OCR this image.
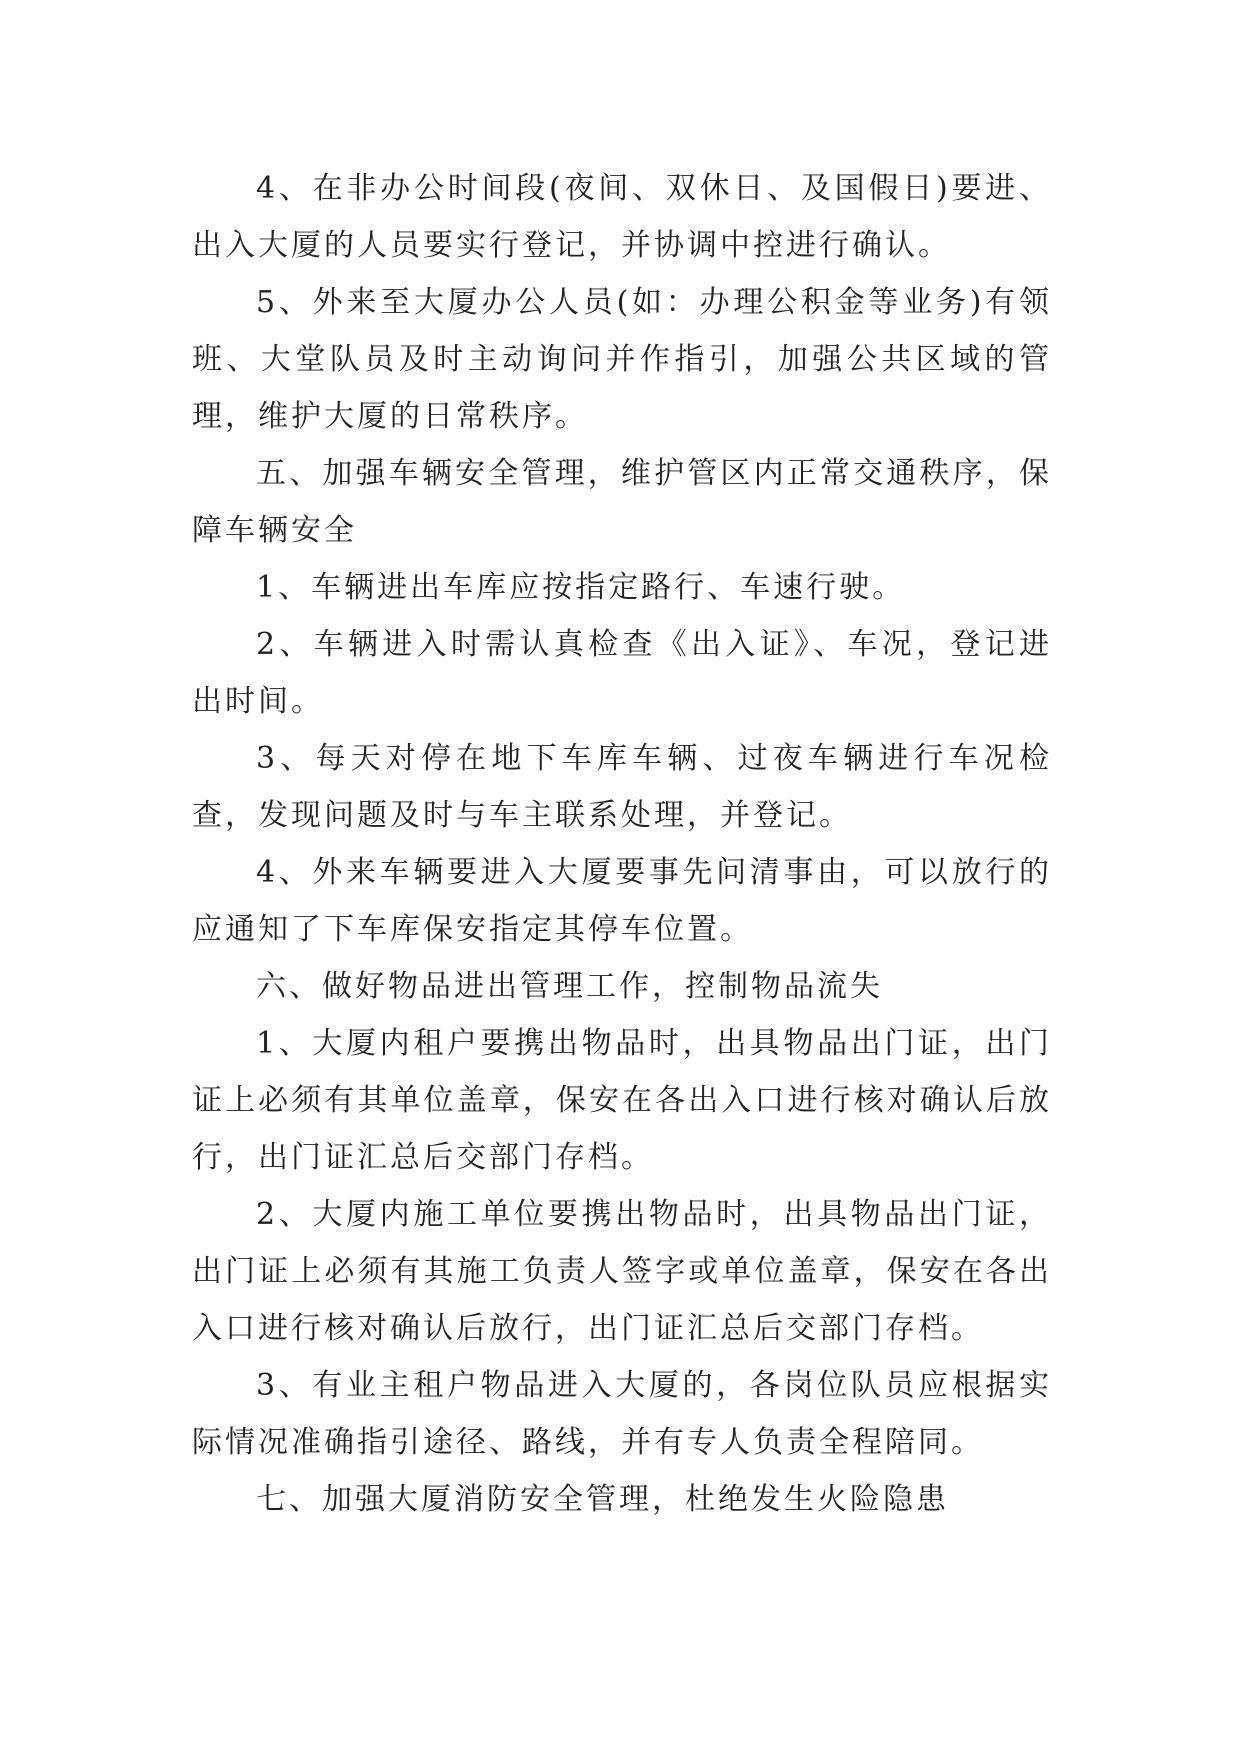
4、在非办公时间段(夜间、双休日、及国假日)要进、出入大厦的人员要实行登记，并协调中控进行确认。

5、外来至大厦办公人员(如：办理公积金等业务)有领班、大堂队员及时主动询问并作指引，加强公共区域的管理，维护大厦的日常秩序。

五、加强车辆安全管理，维护管区内正常交通秩序，保障车辆安全

1、车辆进出车库应按指定路行、车速行驶。

2、车辆进入时需认真检查《出入证》、车况，登记进出时间。

3、每天对停在地下车库车辆、过夜车辆进行车况检查，发现问题及时与车主联系处理，并登记。

4、外来车辆要进入大厦要事先问清事由，可以放行的应通知了下车库保安指定其停车位置。

六、做好物品进出管理工作，控制物品流失

1、大厦内租户要携出物品时，出具物品出门证，出门证上必须有其单位盖章，保安在各出入口进行核对确认后放行，出门证汇总后交部门存档。

2、大厦内施工单位要携出物品时，出具物品出门证，出门证上必须有其施工负责人签字或单位盖章，保安在各出入口进行核对确认后放行，出门证汇总后交部门存档。

3、有业主租户物品进入大厦的，各岗位队员应根据实际情况准确指引途径、路线，并有专人负责全程陪同。

七、加强大厦消防安全管理，杜绝发生火险隐患
